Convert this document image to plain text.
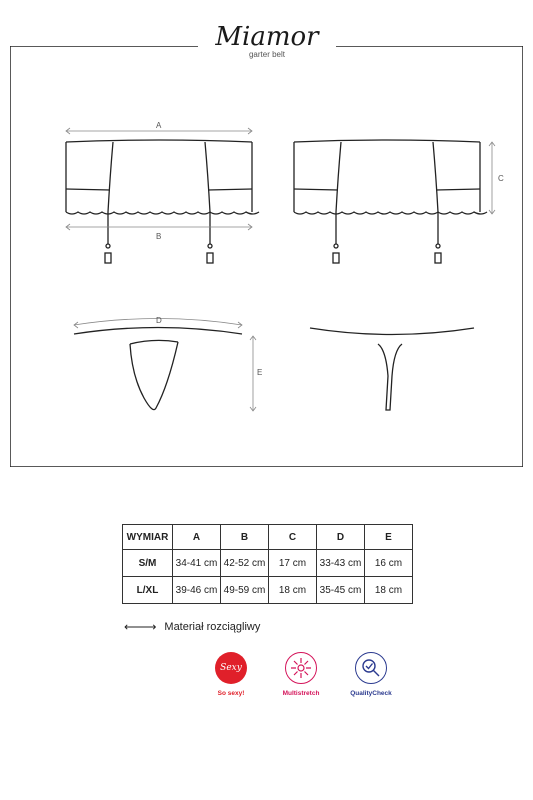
A
B
C
D
E
Miamor
garter belt
WYMIAR	A	B	C	D	E
S/M	34-41 cm	42-52 cm	17 cm	33-43 cm	16 cm
L/XL	39-46 cm	49-59 cm	18 cm	35-45 cm	18 cm
⟵⟶ Materiał rozciągliwy
Sexy
So sexy!	Multistretch	QualityCheck
